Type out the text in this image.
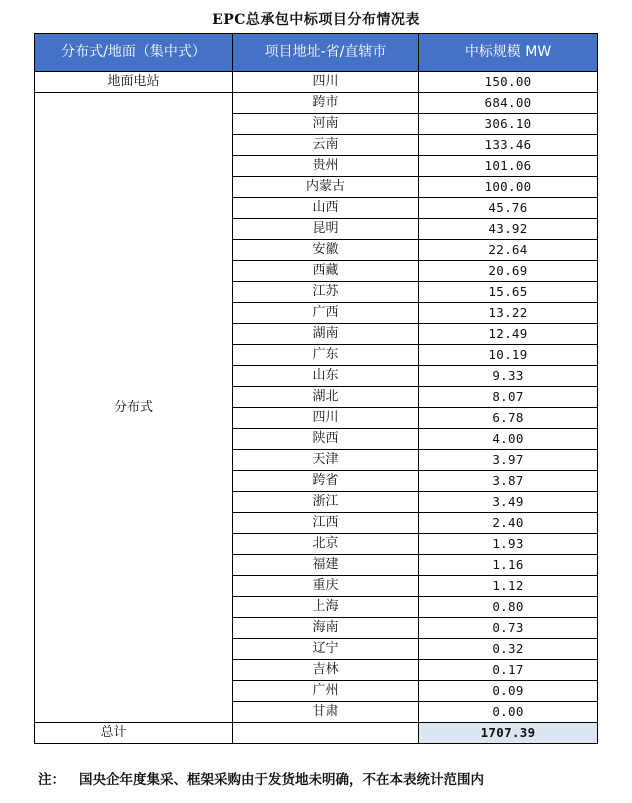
EPC总承包中标项目分布情况表
分布式/地面（集中式）	项目地址-省/直辖市	中标规模 MW
地面电站	四川	150.00
分布式	跨市	684.00
	河南	306.10
	云南	133.46
	贵州	101.06
	内蒙古	100.00
	山西	45.76
	昆明	43.92
	安徽	22.64
	西藏	20.69
	江苏	15.65
	广西	13.22
	湖南	12.49
	广东	10.19
	山东	9.33
	湖北	8.07
	四川	6.78
	陕西	4.00
	天津	3.97
	跨省	3.87
	浙江	3.49
	江西	2.40
	北京	1.93
	福建	1.16
	重庆	1.12
	上海	0.80
	海南	0.73
	辽宁	0.32
	吉林	0.17
	广州	0.09
	甘肃	0.00
总计		1707.39
注： 国央企年度集采、框架采购由于发货地未明确，不在本表统计范围内
